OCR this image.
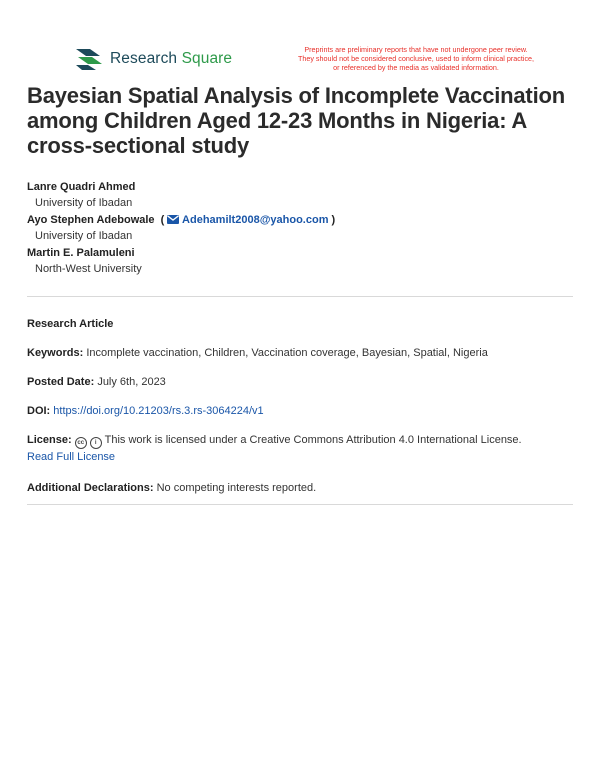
Research Square
Preprints are preliminary reports that have not undergone peer review.
They should not be considered conclusive, used to inform clinical practice,
or referenced by the media as validated information.
Bayesian Spatial Analysis of Incomplete Vaccination among Children Aged 12-23 Months in Nigeria: A cross-sectional study
Lanre Quadri Ahmed
University of Ibadan
Ayo Stephen Adebowale  (  Adehamilt2008@yahoo.com )
University of Ibadan
Martin E. Palamuleni
North-West University
Research Article
Keywords: Incomplete vaccination, Children, Vaccination coverage, Bayesian, Spatial, Nigeria
Posted Date: July 6th, 2023
DOI: https://doi.org/10.21203/rs.3.rs-3064224/v1
License: cc i This work is licensed under a Creative Commons Attribution 4.0 International License.
Read Full License
Additional Declarations: No competing interests reported.
